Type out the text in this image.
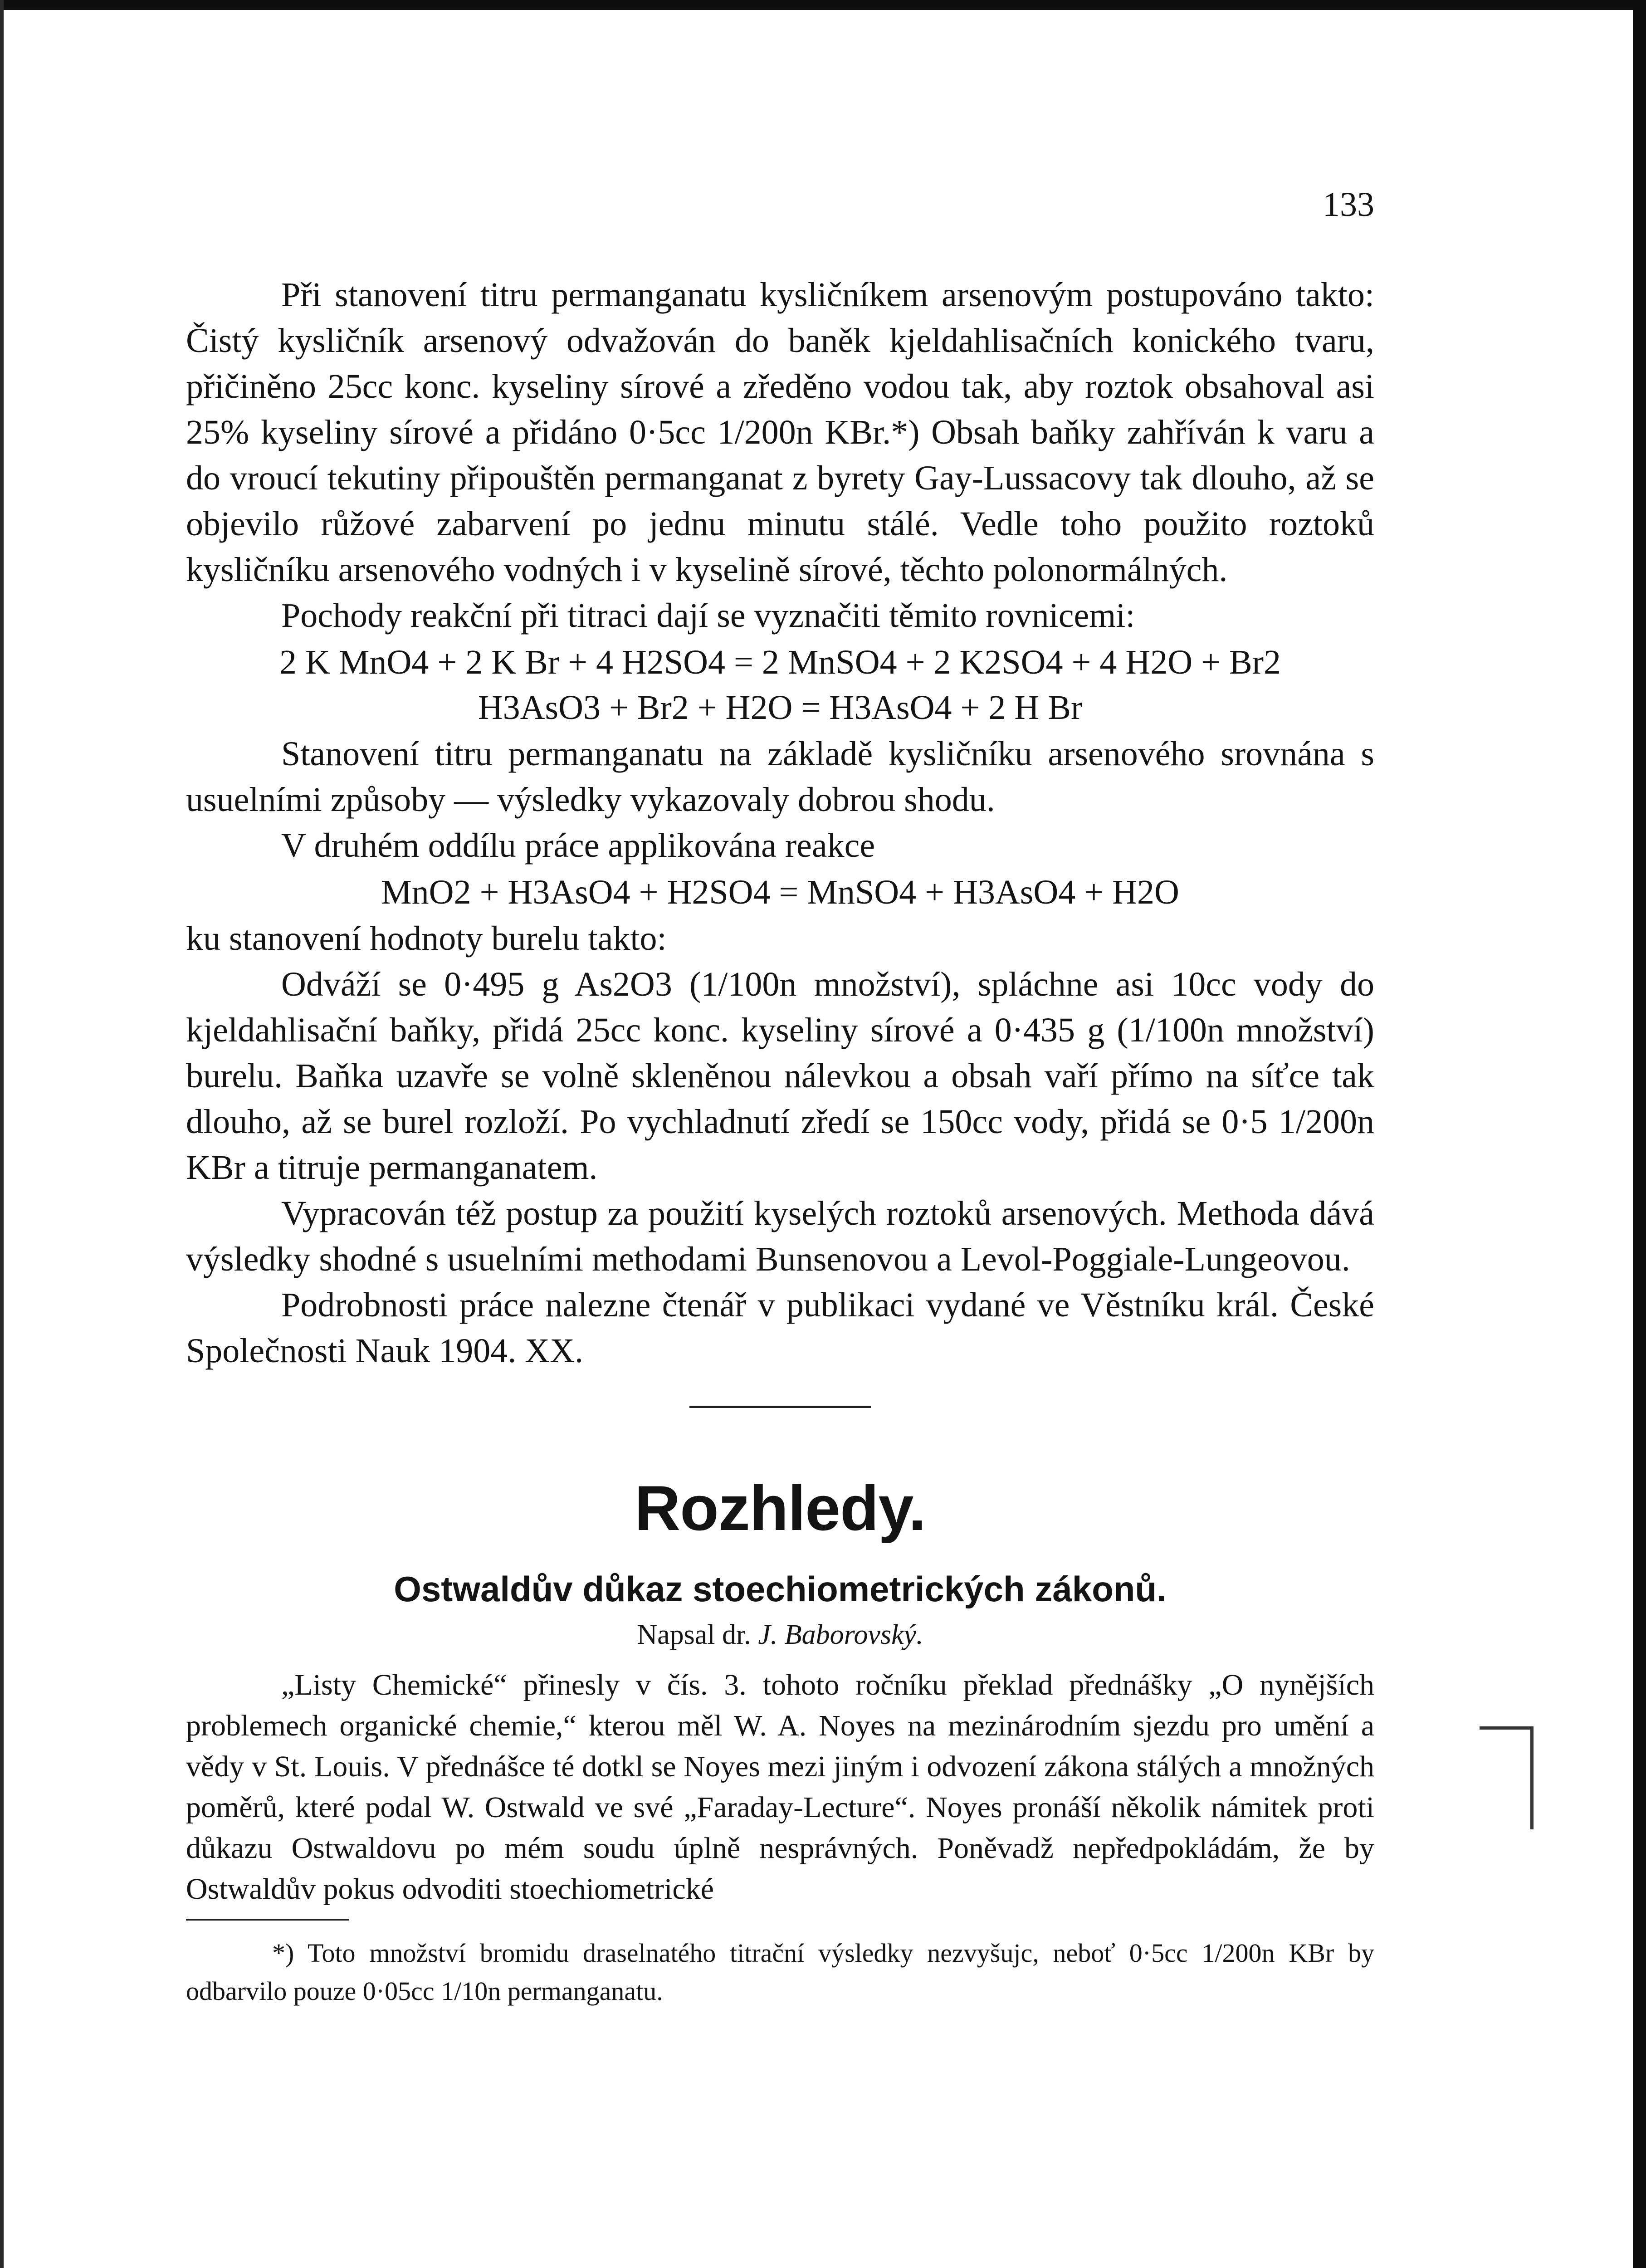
133

Při stanovení titru permanganatu kysličníkem arsenovým postupováno takto: Čistý kysličník arsenový odvažován do baněk kjeldahlisačních konického tvaru, přičiněno 25cc konc. kyseliny sírové a zředěno vodou tak, aby roztok obsahoval asi 25% kyseliny sírové a přidáno 0·5cc 1/200n KBr.*) Obsah baňky zahříván k varu a do vroucí tekutiny připouštěn permanganat z byrety Gay-Lussacovy tak dlouho, až se objevilo růžové zabarvení po jednu minutu stálé. Vedle toho použito roztoků kysličníku arsenového vodných i v kyselině sírové, těchto polonormálných.

Pochody reakční při titraci dají se vyznačiti těmito rovnicemi:

2 K MnO4 + 2 K Br + 4 H2SO4 = 2 MnSO4 + 2 K2SO4 + 4 H2O + Br2

H3AsO3 + Br2 + H2O = H3AsO4 + 2 H Br

Stanovení titru permanganatu na základě kysličníku arsenového srovnána s usuelními způsoby — výsledky vykazovaly dobrou shodu.

V druhém oddílu práce applikována reakce

MnO2 + H3AsO4 + H2SO4 = MnSO4 + H3AsO4 + H2O

ku stanovení hodnoty burelu takto:

Odváží se 0·495 g As2O3 (1/100n množství), spláchne asi 10cc vody do kjeldahlisační baňky, přidá 25cc konc. kyseliny sírové a 0·435 g (1/100n množství) burelu. Baňka uzavře se volně skleněnou nálevkou a obsah vaří přímo na síťce tak dlouho, až se burel rozloží. Po vychladnutí zředí se 150cc vody, přidá se 0·5 1/200n KBr a titruje permanganatem.

Vypracován též postup za použití kyselých roztoků arsenových. Methoda dává výsledky shodné s usuelními methodami Bunsenovou a Levol-Poggiale-Lungeovou.

Podrobnosti práce nalezne čtenář v publikaci vydané ve Věstníku král. České Společnosti Nauk 1904. XX.

Rozhledy.
Ostwaldův důkaz stoechiometrických zákonů.
Napsal dr. J. Baborovský.

„Listy Chemické“ přinesly v čís. 3. tohoto ročníku překlad přednášky „O nynějších problemech organické chemie,“ kterou měl W. A. Noyes na mezinárodním sjezdu pro umění a vědy v St. Louis. V přednášce té dotkl se Noyes mezi jiným i odvození zákona stálých a množných poměrů, které podal W. Ostwald ve své „Faraday-Lecture“. Noyes pronáší několik námitek proti důkazu Ostwaldovu po mém soudu úplně nesprávných. Poněvadž nepředpokládám, že by Ostwaldův pokus odvoditi stoechiometrické

*) Toto množství bromidu draselnatého titrační výsledky nezvyšujc, neboť 0·5cc 1/200n KBr by odbarvilo pouze 0·05cc 1/10n permanganatu.
